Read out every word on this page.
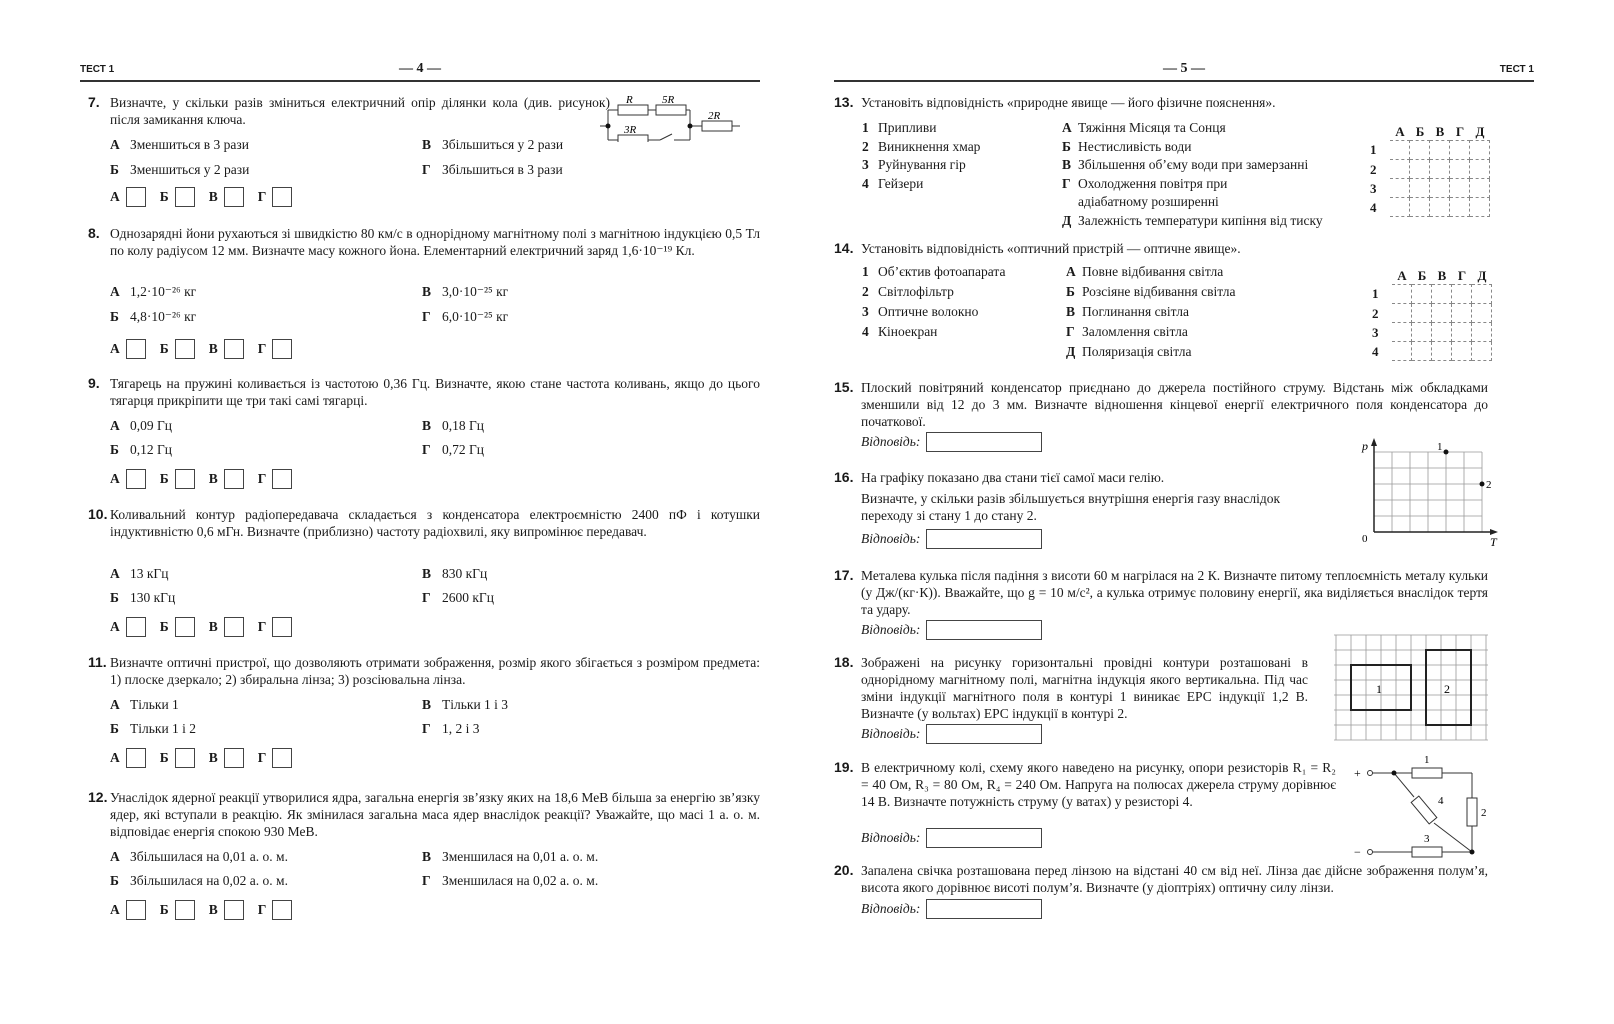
ТЕСТ 1	— 4 —
7. Визначте, у скільки разів зміниться електричний опір ділянки кола (див. рисунок) після замикання ключа.
R	5R
3R
2R
А Зменшиться в 3 рази
Б Зменшиться у 2 рази
В Збільшиться у 2 рази
Г Збільшиться в 3 рази
А	Б	В	Г
8. Однозарядні йони рухаються зі швидкістю 80 км/с в однорідному магнітному полі з магнітною індукцією 0,5 Тл по колу радіусом 12 мм. Визначте масу кожного йона. Елементарний електричний заряд 1,6·10⁻¹⁹ Кл.
А 1,2·10⁻²⁶ кг
Б 4,8·10⁻²⁶ кг
В 3,0·10⁻²⁵ кг
Г 6,0·10⁻²⁵ кг
А	Б	В	Г
9. Тягарець на пружині коливається із частотою 0,36 Гц. Визначте, якою стане частота коливань, якщо до цього тягарця прикріпити ще три такі самі тягарці.
А 0,09 Гц
Б 0,12 Гц
В 0,18 Гц
Г 0,72 Гц
А	Б	В	Г
10. Коливальний контур радіопередавача складається з конденсатора електроємністю 2400 пФ і котушки індуктивністю 0,6 мГн. Визначте (приблизно) частоту радіохвилі, яку випромінює передавач.
А 13 кГц
Б 130 кГц
В 830 кГц
Г 2600 кГц
А	Б	В	Г
11. Визначте оптичні пристрої, що дозволяють отримати зображення, розмір якого збігається з розміром предмета: 1) плоске дзеркало; 2) збиральна лінза; 3) розсіювальна лінза.
А Тільки 1
Б Тільки 1 і 2
В Тільки 1 і 3
Г 1, 2 і 3
А	Б	В	Г
12. Унаслідок ядерної реакції утворилися ядра, загальна енергія зв’язку яких на 18,6 МеВ більша за енергію зв’язку ядер, які вступали в реакцію. Як змінилася загальна маса ядер внаслідок реакції? Уважайте, що масі 1 а. о. м. відповідає енергія спокою 930 МеВ.
А Збільшилася на 0,01 а. о. м.
Б Збільшилася на 0,02 а. о. м.
В Зменшилася на 0,01 а. о. м.
Г Зменшилася на 0,02 а. о. м.
А	Б	В	Г
— 5 —	ТЕСТ 1
13. Установіть відповідність «природне явище — його фізичне пояснення».
1 Припливи
2 Виникнення хмар
3 Руйнування гір
4 Гейзери
А Тяжіння Місяця та Сонця
Б Нестисливість води
В Збільшення об’єму води при замерзанні
Г Охолодження повітря при адіабатному розширенні
Д Залежність температури кипіння від тиску
А Б В Г Д
1
2
3
4
14. Установіть відповідність «оптичний пристрій — оптичне явище».
1 Об’єктив фотоапарата
2 Світлофільтр
3 Оптичне волокно
4 Кіноекран
А Повне відбивання світла
Б Розсіяне відбивання світла
В Поглинання світла
Г Заломлення світла
Д Поляризація світла
А Б В Г Д
1
2
3
4
15. Плоский повітряний конденсатор приєднано до джерела постійного струму. Відстань між обкладками зменшили від 12 до 3 мм. Визначте відношення кінцевої енергії електричного поля конденсатора до початкової.
Відповідь:
16. На графіку показано два стани тієї самої маси гелію.
Визначте, у скільки разів збільшується внутрішня енергія газу внаслідок переходу зі стану 1 до стану 2.
Відповідь:
p
T
0
1
2
17. Металева кулька після падіння з висоти 60 м нагрілася на 2 К. Визначте питому теплоємність металу кульки (у Дж/(кг·К)). Вважайте, що g = 10 м/с², а кулька отримує половину енергії, яка виділяється внаслідок тертя та удару.
Відповідь:
18. Зображені на рисунку горизонтальні провідні контури розташовані в однорідному магнітному полі, магнітна індукція якого вертикальна. Під час зміни індукції магнітного поля в контурі 1 виникає ЕРС індукції 1,2 В. Визначте (у вольтах) ЕРС індукції в контурі 2.
Відповідь:
1	2
19. В електричному колі, схему якого наведено на рисунку, опори резисторів R₁ = R₂ = 40 Ом, R₃ = 80 Ом, R₄ = 240 Ом. Напруга на полюсах джерела струму дорівнює 14 В. Визначте потужність струму (у ватах) у резисторі 4.
Відповідь:
+
−
1
2
3
4
20. Запалена свічка розташована перед лінзою на відстані 40 см від неї. Лінза дає дійсне зображення полум’я, висота якого дорівнює висоті полум’я. Визначте (у діоптріях) оптичну силу лінзи.
Відповідь:
